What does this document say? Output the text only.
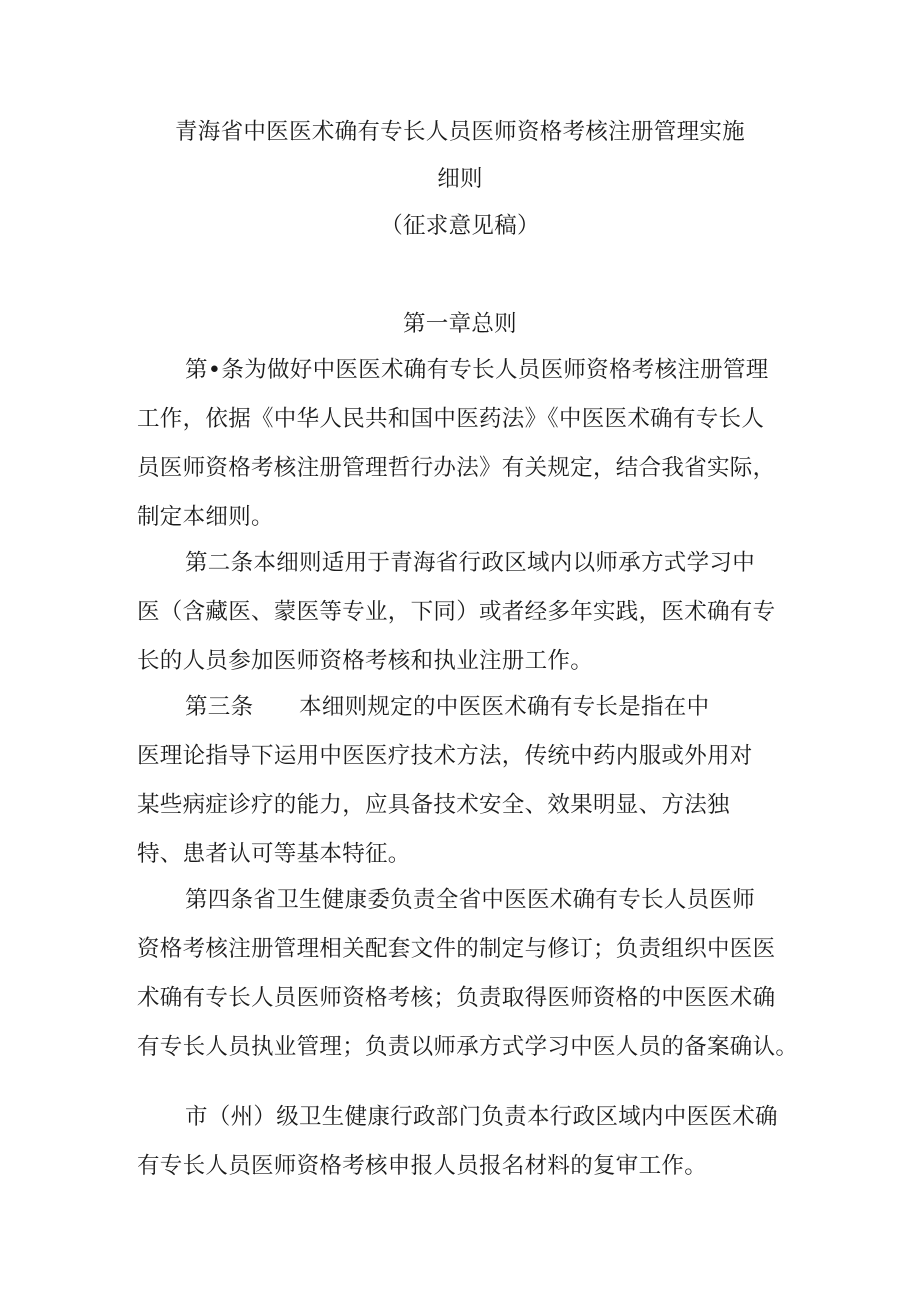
青海省中医医术确有专长人员医师资格考核注册管理实施
细则
（征求意见稿）
第一章总则
第•条为做好中医医术确有专长人员医师资格考核注册管理
工作，依据《中华人民共和国中医药法》《中医医术确有专长人
员医师资格考核注册管理哲行办法》有关规定，结合我省实际，
制定本细则。
第二条本细则适用于青海省行政区域内以师承方式学习中
医（含藏医、蒙医等专业，下同）或者经多年实践，医术确有专
长的人员参加医师资格考核和执业注册工作。
第三条　　本细则规定的中医医术确有专长是指在中
医理论指导下运用中医医疗技术方法，传统中药内服或外用对
某些病症诊疗的能力，应具备技术安全、效果明显、方法独
特、患者认可等基本特征。
第四条省卫生健康委负责全省中医医术确有专长人员医师
资格考核注册管理相关配套文件的制定与修订；负责组织中医医
术确有专长人员医师资格考核；负责取得医师资格的中医医术确
有专长人员执业管理；负责以师承方式学习中医人员的备案确认。
市（州）级卫生健康行政部门负责本行政区域内中医医术确
有专长人员医师资格考核申报人员报名材料的复审工作。
